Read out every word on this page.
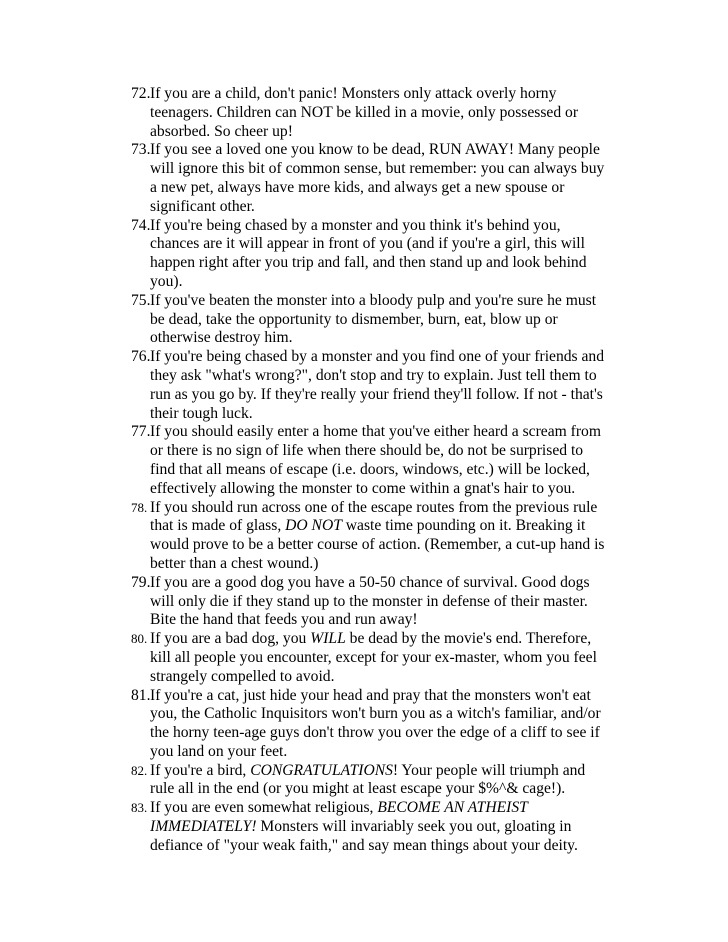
72. If you are a child, don't panic! Monsters only attack overly horny
teenagers. Children can NOT be killed in a movie, only possessed or
absorbed. So cheer up!
73. If you see a loved one you know to be dead, RUN AWAY! Many people
will ignore this bit of common sense, but remember: you can always buy
a new pet, always have more kids, and always get a new spouse or
significant other.
74. If you're being chased by a monster and you think it's behind you,
chances are it will appear in front of you (and if you're a girl, this will
happen right after you trip and fall, and then stand up and look behind
you).
75. If you've beaten the monster into a bloody pulp and you're sure he must
be dead, take the opportunity to dismember, burn, eat, blow up or
otherwise destroy him.
76. If you're being chased by a monster and you find one of your friends and
they ask "what's wrong?", don't stop and try to explain. Just tell them to
run as you go by. If they're really your friend they'll follow. If not - that's
their tough luck.
77. If you should easily enter a home that you've either heard a scream from
or there is no sign of life when there should be, do not be surprised to
find that all means of escape (i.e. doors, windows, etc.) will be locked,
effectively allowing the monster to come within a gnat's hair to you.
78. If you should run across one of the escape routes from the previous rule
that is made of glass, DO NOT waste time pounding on it. Breaking it
would prove to be a better course of action. (Remember, a cut-up hand is
better than a chest wound.)
79. If you are a good dog you have a 50-50 chance of survival. Good dogs
will only die if they stand up to the monster in defense of their master.
Bite the hand that feeds you and run away!
80. If you are a bad dog, you WILL be dead by the movie's end. Therefore,
kill all people you encounter, except for your ex-master, whom you feel
strangely compelled to avoid.
81. If you're a cat, just hide your head and pray that the monsters won't eat
you, the Catholic Inquisitors won't burn you as a witch's familiar, and/or
the horny teen-age guys don't throw you over the edge of a cliff to see if
you land on your feet.
82. If you're a bird, CONGRATULATIONS! Your people will triumph and
rule all in the end (or you might at least escape your $%^& cage!).
83. If you are even somewhat religious, BECOME AN ATHEIST
IMMEDIATELY! Monsters will invariably seek you out, gloating in
defiance of "your weak faith," and say mean things about your deity.
